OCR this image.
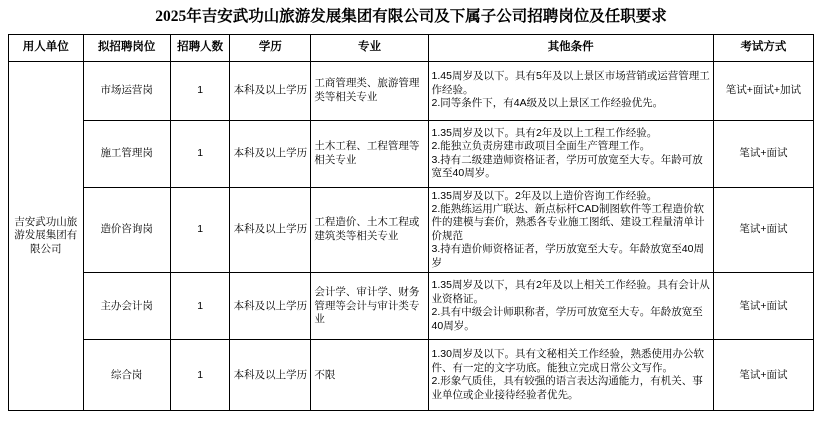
2025年吉安武功山旅游发展集团有限公司及下属子公司招聘岗位及任职要求
用人单位	拟招聘岗位	招聘人数	学历	专业	其他条件	考试方式
吉安武功山旅游发展集团有限公司	市场运营岗	1	本科及以上学历	工商管理类、旅游管理类等相关专业	1.45周岁及以下。具有5年及以上景区市场营销或运营管理工作经验。
2.同等条件下，有4A级及以上景区工作经验优先。	笔试+面试+加试
	施工管理岗	1	本科及以上学历	土木工程、工程管理等相关专业	1.35周岁及以下。具有2年及以上工程工作经验。
2.能独立负责房建市政项目全面生产管理工作。
3.持有二级建造师资格证者，学历可放宽至大专。年龄可放宽至40周岁。	笔试+面试
	造价咨询岗	1	本科及以上学历	工程造价、土木工程或建筑类等相关专业	1.35周岁及以下。2年及以上造价咨询工作经验。
2.能熟练运用广联达、新点标杆CAD制图软件等工程造价软件的建模与套价，熟悉各专业施工图纸、建设工程量清单计价规范
3.持有造价师资格证者，学历放宽至大专。年龄放宽至40周岁	笔试+面试
	主办会计岗	1	本科及以上学历	会计学、审计学、财务管理等会计与审计类专业	1.35周岁及以下，具有2年及以上相关工作经验。具有会计从业资格证。
2.具有中级会计师职称者，学历可放宽至大专。年龄放宽至40周岁。	笔试+面试
	综合岗	1	本科及以上学历	不限	1.30周岁及以下。具有文秘相关工作经验，熟悉使用办公软件、有一定的文字功底。能独立完成日常公文写作。
2.形象气质佳，具有较强的语言表达沟通能力，有机关、事业单位或企业接待经验者优先。	笔试+面试
